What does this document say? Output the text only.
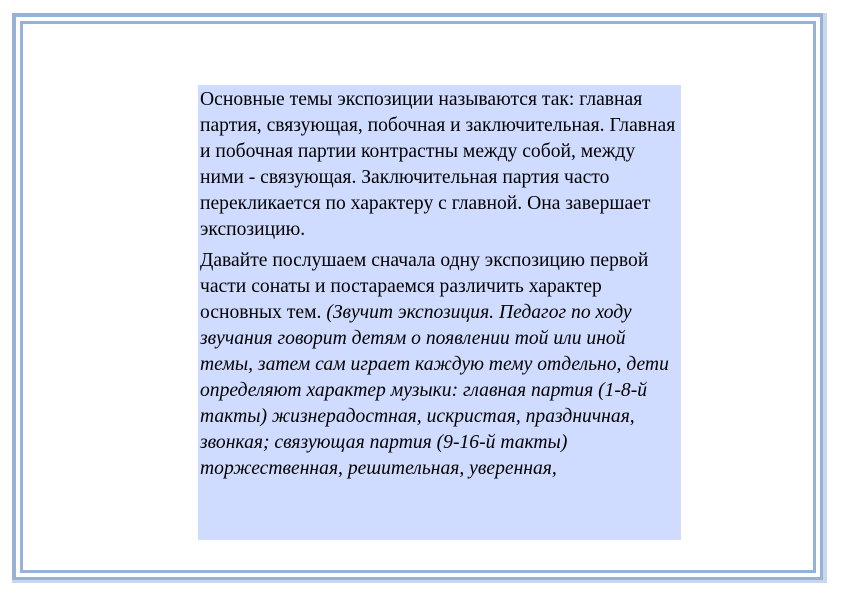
Основные темы экспозиции называются так: главная партия, связующая, побочная и заключительная. Главная и побочная партии контрастны между собой, между ними - связующая. Заключительная партия часто перекликается по характеру с главной. Она завершает экспозицию.

Давайте послушаем сначала одну экспозицию первой части сонаты и постараемся различить характер основных тем. (Звучит экспозиция. Педагог по ходу звучания говорит детям о появлении той или иной темы, затем сам играет каждую тему отдельно, дети определяют характер музыки: главная партия (1-8-й такты) жизнерадостная, искристая, праздничная, звонкая; связующая партия (9-16-й такты) торжественная, решительная, уверенная,
